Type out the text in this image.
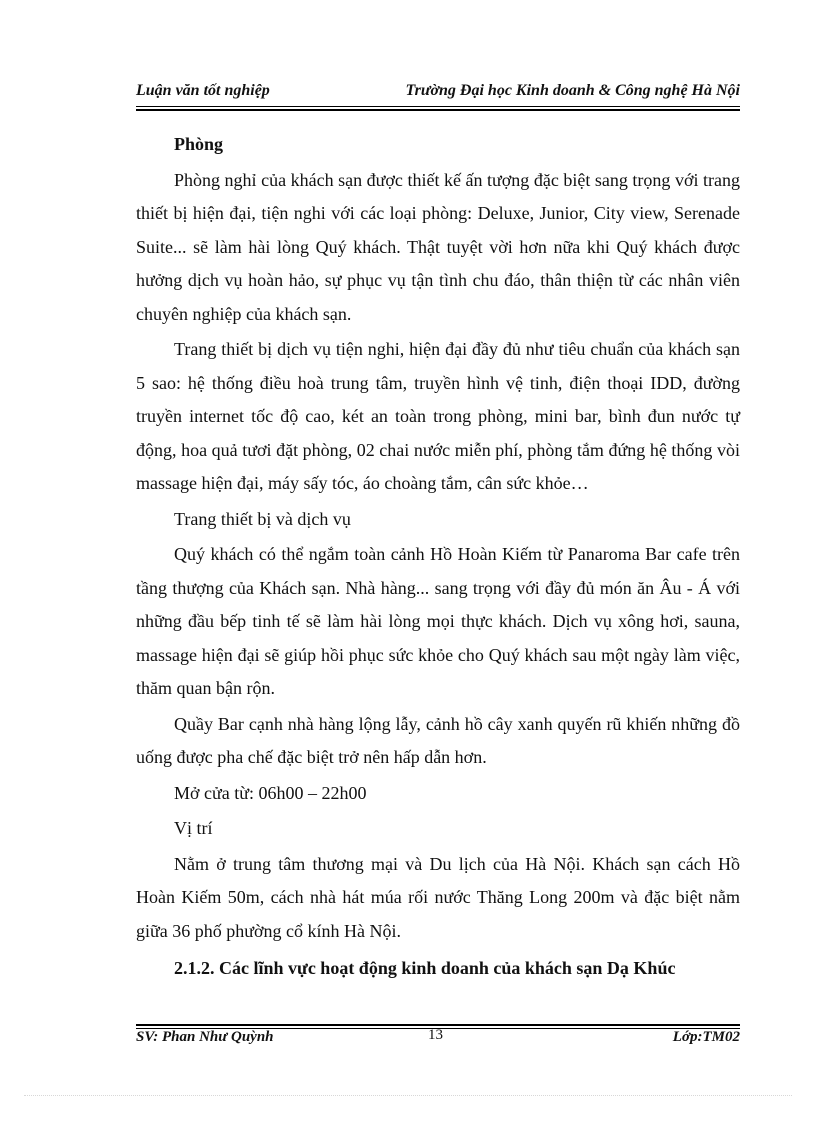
Luận văn tốt nghiệp	Trường Đại học Kinh doanh & Công nghệ Hà Nội

Phòng

Phòng nghỉ của khách sạn được thiết kế ấn tượng đặc biệt sang trọng với trang thiết bị hiện đại, tiện nghi với các loại phòng: Deluxe, Junior, City view, Serenade Suite... sẽ làm hài lòng Quý khách. Thật tuyệt vời hơn nữa khi Quý khách được hưởng dịch vụ hoàn hảo, sự phục vụ tận tình chu đáo, thân thiện từ các nhân viên chuyên nghiệp của khách sạn.

Trang thiết bị dịch vụ tiện nghi, hiện đại đầy đủ như tiêu chuẩn của khách sạn 5 sao: hệ thống điều hoà trung tâm, truyền hình vệ tinh, điện thoại IDD, đường truyền internet tốc độ cao, két an toàn trong phòng, mini bar, bình đun nước tự động, hoa quả tươi đặt phòng, 02 chai nước miễn phí, phòng tắm đứng hệ thống vòi massage hiện đại, máy sấy tóc, áo choàng tắm, cân sức khỏe…

Trang thiết bị và dịch vụ

Quý khách có thể ngắm toàn cảnh Hồ Hoàn Kiếm từ Panaroma Bar cafe trên tầng thượng của Khách sạn. Nhà hàng... sang trọng với đầy đủ món ăn Âu - Á với những đầu bếp tinh tế sẽ làm hài lòng mọi thực khách. Dịch vụ xông hơi, sauna, massage hiện đại sẽ giúp hồi phục sức khỏe cho Quý khách sau một ngày làm việc, thăm quan bận rộn.

Quầy Bar cạnh nhà hàng lộng lẫy, cảnh hồ cây xanh quyến rũ khiến những đồ uống được pha chế đặc biệt trở nên hấp dẫn hơn.

Mở cửa từ: 06h00 – 22h00

Vị trí

Nằm ở trung tâm thương mại và Du lịch của Hà Nội. Khách sạn cách Hồ Hoàn Kiếm 50m, cách nhà hát múa rối nước Thăng Long 200m và đặc biệt nằm giữa 36 phố phường cổ kính Hà Nội.

2.1.2. Các lĩnh vực hoạt động kinh doanh của khách sạn Dạ Khúc

SV: Phan Như Quỳnh	13	Lớp:TM02
